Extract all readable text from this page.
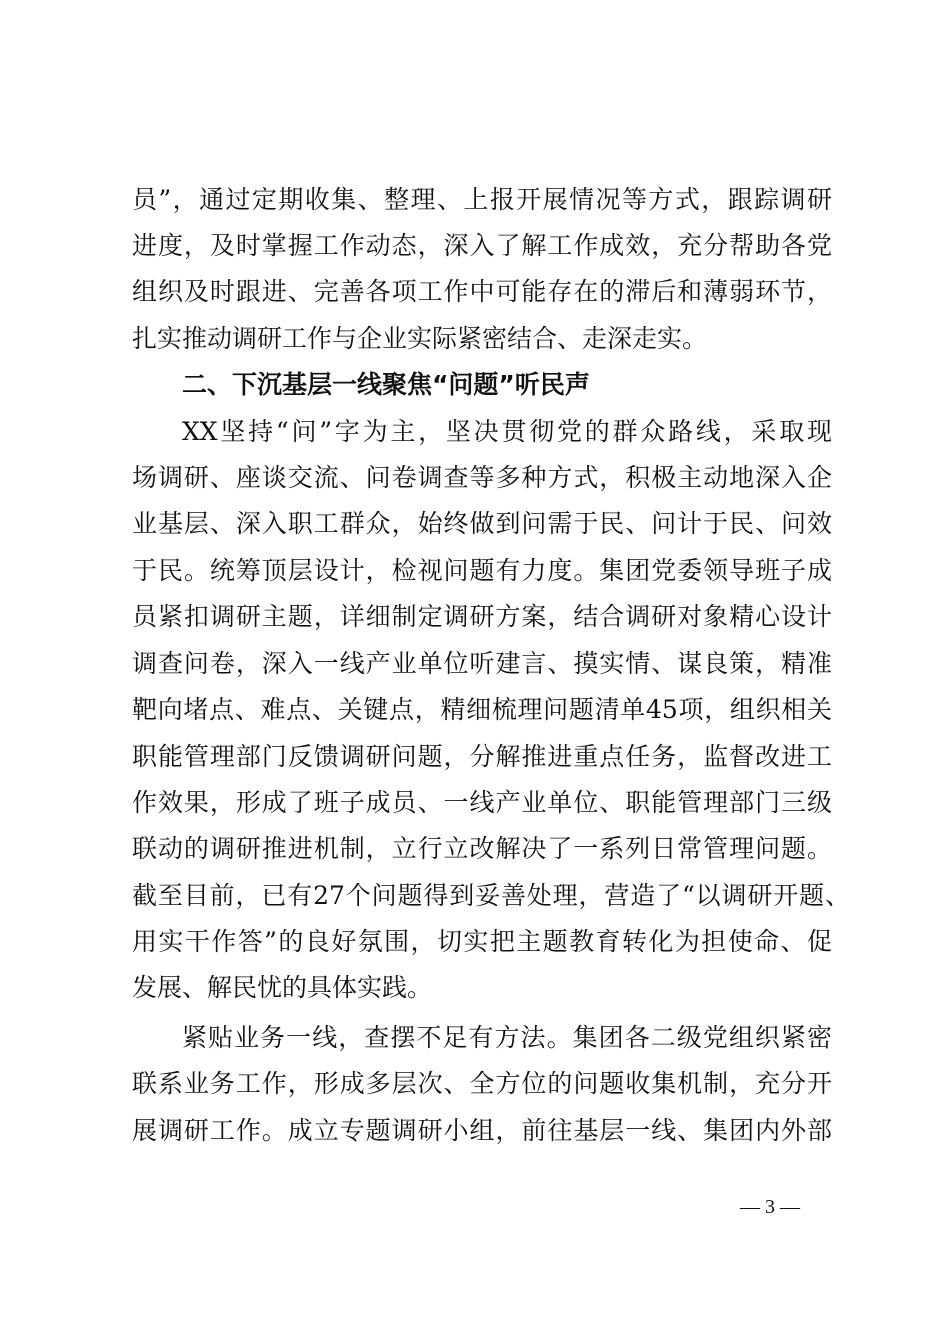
员”，通过定期收集、整理、上报开展情况等方式，跟踪调研
进度，及时掌握工作动态，深入了解工作成效，充分帮助各党
组织及时跟进、完善各项工作中可能存在的滞后和薄弱环节，
扎实推动调研工作与企业实际紧密结合、走深走实。
二、下沉基层一线聚焦“问题”听民声
XX坚持“问”字为主，坚决贯彻党的群众路线，采取现
场调研、座谈交流、问卷调查等多种方式，积极主动地深入企
业基层、深入职工群众，始终做到问需于民、问计于民、问效
于民。统筹顶层设计，检视问题有力度。集团党委领导班子成
员紧扣调研主题，详细制定调研方案，结合调研对象精心设计
调查问卷，深入一线产业单位听建言、摸实情、谋良策，精准
靶向堵点、难点、关键点，精细梳理问题清单45项，组织相关
职能管理部门反馈调研问题，分解推进重点任务，监督改进工
作效果，形成了班子成员、一线产业单位、职能管理部门三级
联动的调研推进机制，立行立改解决了一系列日常管理问题。
截至目前，已有27个问题得到妥善处理，营造了“以调研开题、
用实干作答”的良好氛围，切实把主题教育转化为担使命、促
发展、解民忧的具体实践。
紧贴业务一线，查摆不足有方法。集团各二级党组织紧密
联系业务工作，形成多层次、全方位的问题收集机制，充分开
展调研工作。成立专题调研小组，前往基层一线、集团内外部
— 3 —
